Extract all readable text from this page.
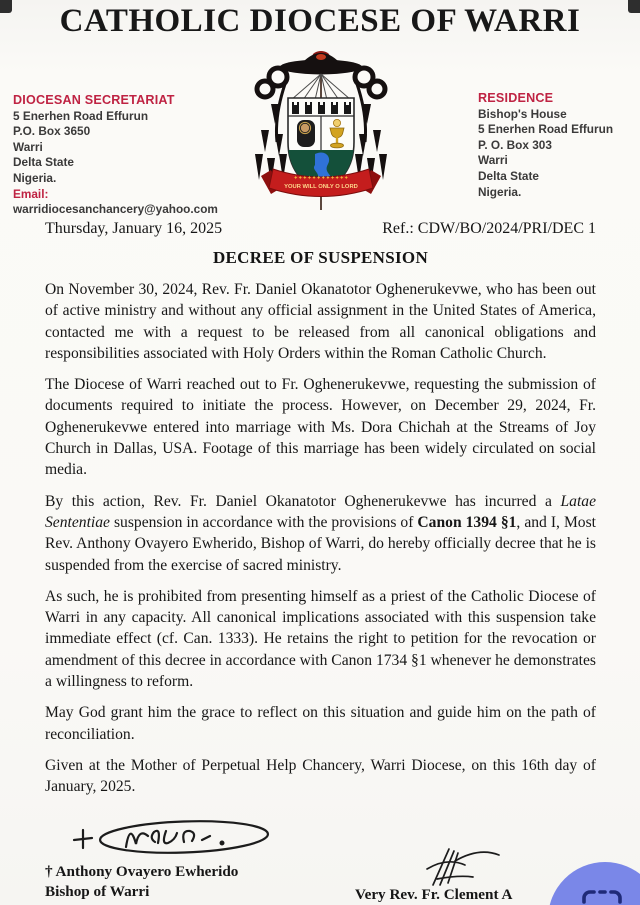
CATHOLIC DIOCESE OF WARRI
DIOCESAN SECRETARIAT
5 Enerhen Road Effurun
P.O. Box 3650
Warri
Delta State
Nigeria.
Email:
warridiocesanchancery@yahoo.com
✦✦✦✦✦✦✦✦✦✦✦✦
YOUR WILL ONLY O LORD
RESIDENCE
Bishop's House
5 Enerhen Road Effurun
P. O. Box 303
Warri
Delta State
Nigeria.
Thursday, January 16, 2025	Ref.: CDW/BO/2024/PRI/DEC 1
DECREE OF SUSPENSION

On November 30, 2024, Rev. Fr. Daniel Okanatotor Oghenerukevwe, who has been out of active ministry and without any official assignment in the United States of America, contacted me with a request to be released from all canonical obligations and responsibilities associated with Holy Orders within the Roman Catholic Church.

The Diocese of Warri reached out to Fr. Oghenerukevwe, requesting the submission of documents required to initiate the process. However, on December 29, 2024, Fr. Oghenerukevwe entered into marriage with Ms. Dora Chichah at the Streams of Joy Church in Dallas, USA. Footage of this marriage has been widely circulated on social media.

By this action, Rev. Fr. Daniel Okanatotor Oghenerukevwe has incurred a Latae Sententiae suspension in accordance with the provisions of Canon 1394 §1, and I, Most Rev. Anthony Ovayero Ewherido, Bishop of Warri, do hereby officially decree that he is suspended from the exercise of sacred ministry.

As such, he is prohibited from presenting himself as a priest of the Catholic Diocese of Warri in any capacity. All canonical implications associated with this suspension take immediate effect (cf. Can. 1333). He retains the right to petition for the revocation or amendment of this decree in accordance with Canon 1734 §1 whenever he demonstrates a willingness to reform.

May God grant him the grace to reflect on this situation and guide him on the path of reconciliation.

Given at the Mother of Perpetual Help Chancery, Warri Diocese, on this 16th day of January, 2025.

† Anthony Ovayero Ewherido
Bishop of Warri	Very Rev. Fr. Clement A
